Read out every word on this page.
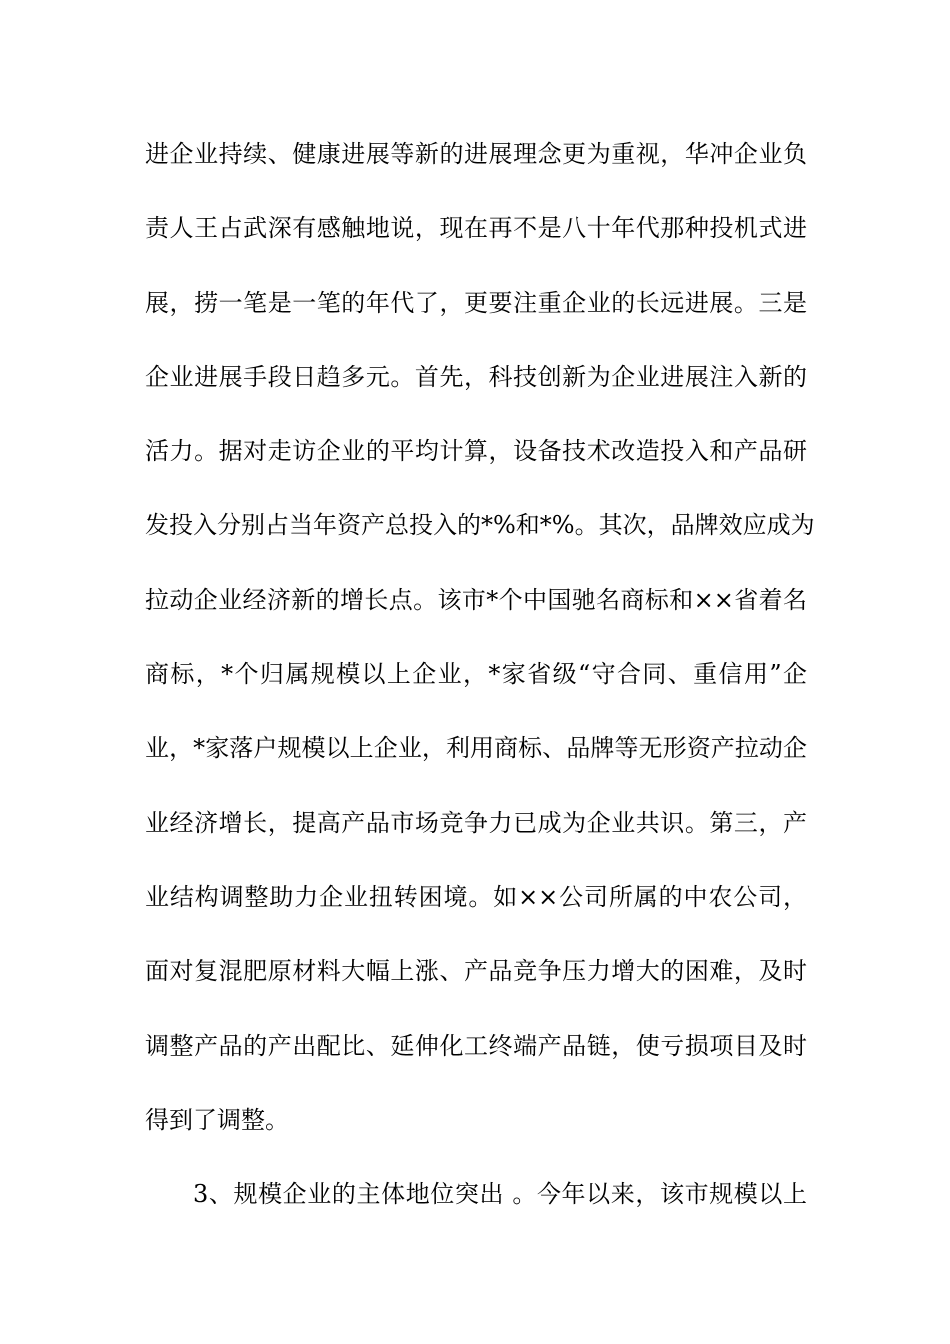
进企业持续、健康进展等新的进展理念更为重视，华冲企业负
责人王占武深有感触地说，现在再不是八十年代那种投机式进
展，捞一笔是一笔的年代了，更要注重企业的长远进展。三是
企业进展手段日趋多元。首先，科技创新为企业进展注入新的
活力。据对走访企业的平均计算，设备技术改造投入和产品研
发投入分别占当年资产总投入的*%和*%。其次，品牌效应成为
拉动企业经济新的增长点。该市*个中国驰名商标和××省着名
商标，*个归属规模以上企业，*家省级“守合同、重信用”企
业，*家落户规模以上企业，利用商标、品牌等无形资产拉动企
业经济增长，提高产品市场竞争力已成为企业共识。第三，产
业结构调整助力企业扭转困境。如××公司所属的中农公司，
面对复混肥原材料大幅上涨、产品竞争压力增大的困难，及时
调整产品的产出配比、延伸化工终端产品链，使亏损项目及时
得到了调整。
3、规模企业的主体地位突出 。今年以来，该市规模以上
